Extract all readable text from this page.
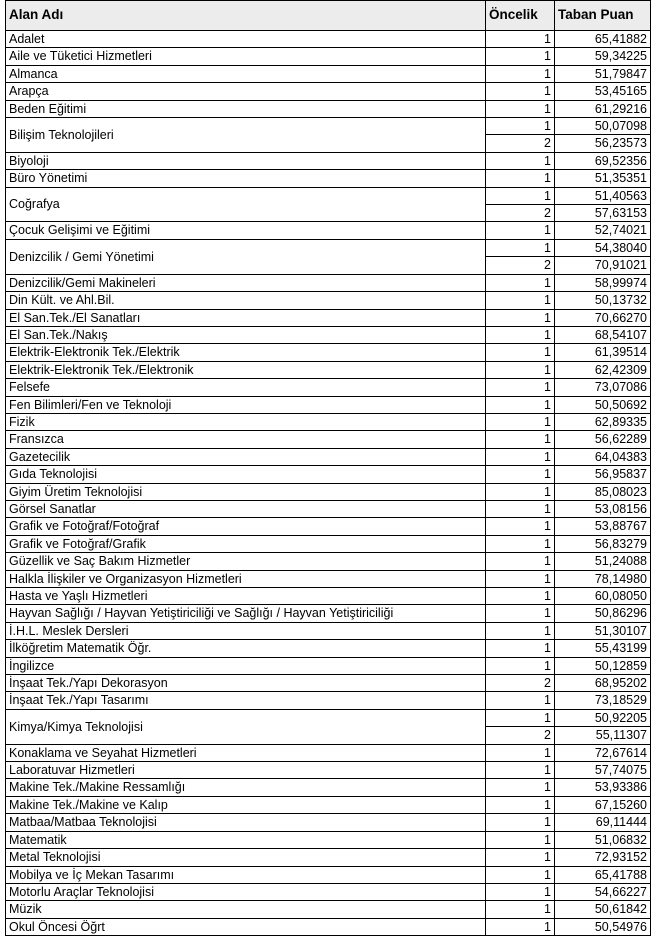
Alan Adı	Öncelik	Taban Puan
Adalet	1	65,41882
Aile ve Tüketici Hizmetleri	1	59,34225
Almanca	1	51,79847
Arapça	1	53,45165
Beden Eğitimi	1	61,29216
Bilişim Teknolojileri	1	50,07098
	2	56,23573
Biyoloji	1	69,52356
Büro Yönetimi	1	51,35351
Coğrafya	1	51,40563
	2	57,63153
Çocuk Gelişimi ve Eğitimi	1	52,74021
Denizcilik / Gemi Yönetimi	1	54,38040
	2	70,91021
Denizcilik/Gemi Makineleri	1	58,99974
Din Kült. ve Ahl.Bil.	1	50,13732
El San.Tek./El Sanatları	1	70,66270
El San.Tek./Nakış	1	68,54107
Elektrik-Elektronik Tek./Elektrik	1	61,39514
Elektrik-Elektronik Tek./Elektronik	1	62,42309
Felsefe	1	73,07086
Fen Bilimleri/Fen ve Teknoloji	1	50,50692
Fizik	1	62,89335
Fransızca	1	56,62289
Gazetecilik	1	64,04383
Gıda Teknolojisi	1	56,95837
Giyim Üretim Teknolojisi	1	85,08023
Görsel Sanatlar	1	53,08156
Grafik ve Fotoğraf/Fotoğraf	1	53,88767
Grafik ve Fotoğraf/Grafik	1	56,83279
Güzellik ve Saç Bakım Hizmetler	1	51,24088
Halkla İlişkiler ve Organizasyon Hizmetleri	1	78,14980
Hasta ve Yaşlı Hizmetleri	1	60,08050
Hayvan Sağlığı / Hayvan Yetiştiriciliği ve Sağlığı / Hayvan Yetiştiriciliği	1	50,86296
İ.H.L. Meslek Dersleri	1	51,30107
İlköğretim Matematik Öğr.	1	55,43199
İngilizce	1	50,12859
İnşaat Tek./Yapı Dekorasyon	2	68,95202
İnşaat Tek./Yapı Tasarımı	1	73,18529
Kimya/Kimya Teknolojisi	1	50,92205
	2	55,11307
Konaklama ve Seyahat Hizmetleri	1	72,67614
Laboratuvar Hizmetleri	1	57,74075
Makine Tek./Makine Ressamlığı	1	53,93386
Makine Tek./Makine ve Kalıp	1	67,15260
Matbaa/Matbaa Teknolojisi	1	69,11444
Matematik	1	51,06832
Metal Teknolojisi	1	72,93152
Mobilya ve İç Mekan Tasarımı	1	65,41788
Motorlu Araçlar Teknolojisi	1	54,66227
Müzik	1	50,61842
Okul Öncesi Öğrt	1	50,54976
